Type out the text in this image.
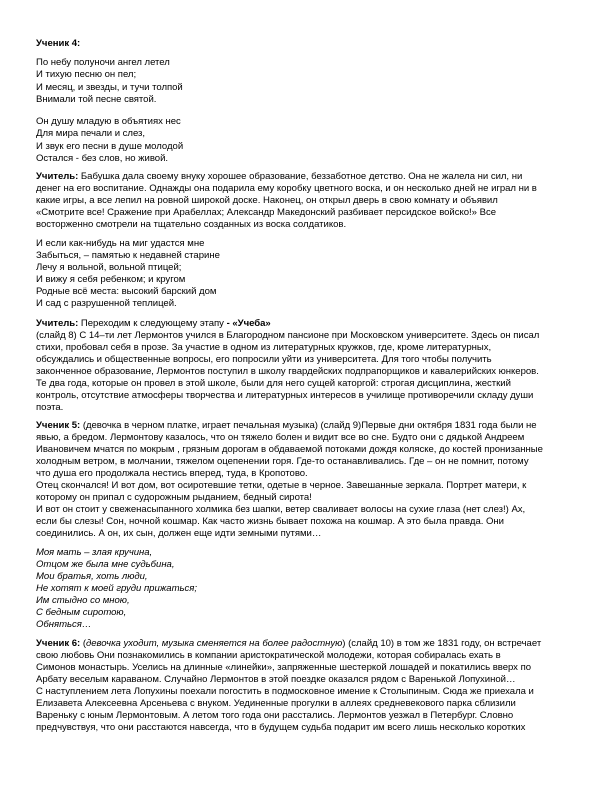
Ученик 4:
По небу полуночи ангел летел
И тихую песню он пел;
И месяц, и звезды, и тучи толпой
Внимали той песне святой.
Он душу младую в объятиях нес
Для мира печали и слез,
И звук его песни в душе молодой
Остался - без слов, но живой.
Учитель: Бабушка дала своему внуку хорошее образование, беззаботное детство. Она не жалела ни сил, ни
денег на его воспитание. Однажды она подарила ему коробку цветного воска, и он несколько дней не играл ни в
какие игры, а все лепил на ровной широкой доске. Наконец, он открыл дверь в свою комнату и объявил
«Смотрите все! Сражение при Арабеллах; Александр Македонский разбивает персидское войско!» Все
восторженно смотрели на тщательно созданных из воска солдатиков.
И если как-нибудь на миг удастся мне
Забыться, – памятью к недавней старине
Лечу я вольной, вольной птицей;
И вижу я себя ребенком; и кругом
Родные всё места: высокий барский дом
И сад с разрушенной теплицей.
Учитель: Переходим к следующему этапу - «Учеба»
(слайд 8) С 14–ти лет Лермонтов учился в Благородном пансионе при Московском университете. Здесь он писал
стихи, пробовал себя в прозе. За участие в одном из литературных кружков, где, кроме литературных,
обсуждались и общественные вопросы, его попросили уйти из университета. Для того чтобы получить
законченное образование, Лермонтов поступил в школу гвардейских подпрапорщиков и кавалерийских юнкеров.
Те два года, которые он провел в этой школе, были для него сущей каторгой: строгая дисциплина, жесткий
контроль, отсутствие атмосферы творчества и литературных интересов в училище противоречили складу души
поэта.
Ученик 5: (девочка в черном платке, играет печальная музыка) (слайд 9)Первые дни октября 1831 года были не
явью, а бредом. Лермонтову казалось, что он тяжело болен и видит все во сне. Будто они с дядькой Андреем
Ивановичем мчатся по мокрым , грязным дорогам в обдаваемой потоками дождя коляске, до костей пронизанные
холодным ветром, в молчании, тяжелом оцепенении горя. Где-то останавливались. Где – он не помнит, потому
что душа его продолжала нестись вперед, туда, в Кропотово.
Отец скончался! И вот дом, вот осиротевшие тетки, одетые в черное. Завешанные зеркала. Портрет матери, к
которому он припал с судорожным рыданием, бедный сирота!
И вот он стоит у свеженасыпанного холмика без шапки, ветер сваливает волосы на сухие глаза (нет слез!) Ах,
если бы слезы! Сон, ночной кошмар. Как часто жизнь бывает похожа на кошмар. А это была правда. Они
соединились. А он, их сын, должен еще идти земными путями…
Моя мать – злая кручина,
Отцом же была мне судьбина,
Мои братья, хоть люди,
Не хотят к моей груди прижаться;
Им стыдно со мною,
С бедным сиротою,
Обняться…
Ученик 6: (девочка уходит, музыка сменяется на более радостную) (слайд 10) в том же 1831 году, он встречает
свою любовь Они познакомились в компании аристократической молодежи, которая собиралась ехать в
Симонов монастырь. Уселись на длинные «линейки», запряженные шестеркой лошадей и покатились вверх по
Арбату веселым караваном. Случайно Лермонтов в этой поездке оказался рядом с Варенькой Лопухиной…
С наступлением лета Лопухины поехали погостить в подмосковное имение к Столыпиным. Сюда же приехала и
Елизавета Алексеевна Арсеньева с внуком. Уединенные прогулки в аллеях средневекового парка сблизили
Вареньку с юным Лермонтовым. А летом того года они расстались. Лермонтов уезжал в Петербург. Словно
предчувствуя, что они расстаются навсегда, что в будущем судьба подарит им всего лишь несколько коротких
